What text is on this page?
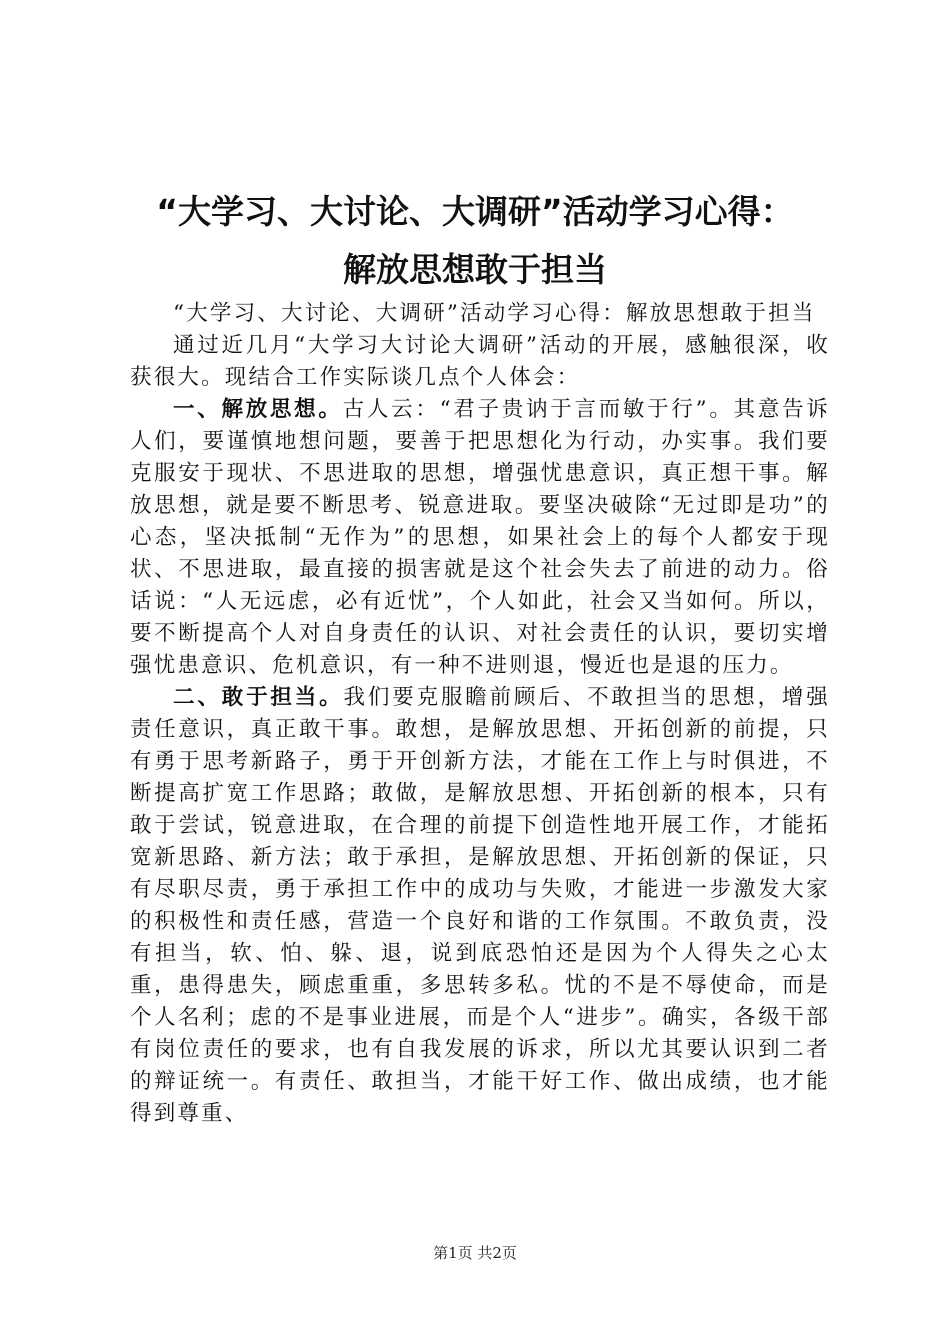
“大学习、大讨论、大调研”活动学习心得：
解放思想敢于担当

“大学习、大讨论、大调研”活动学习心得：解放思想敢于担当

通过近几月“大学习大讨论大调研”活动的开展，感触很深，收获很大。现结合工作实际谈几点个人体会：

一、解放思想。古人云：“君子贵讷于言而敏于行”。其意告诉人们，要谨慎地想问题，要善于把思想化为行动，办实事。我们要克服安于现状、不思进取的思想，增强忧患意识，真正想干事。解放思想，就是要不断思考、锐意进取。要坚决破除“无过即是功”的心态，坚决抵制“无作为”的思想，如果社会上的每个人都安于现状、不思进取，最直接的损害就是这个社会失去了前进的动力。俗话说：“人无远虑，必有近忧”，个人如此，社会又当如何。所以，要不断提高个人对自身责任的认识、对社会责任的认识，要切实增强忧患意识、危机意识，有一种不进则退，慢近也是退的压力。

二、敢于担当。我们要克服瞻前顾后、不敢担当的思想，增强责任意识，真正敢干事。敢想，是解放思想、开拓创新的前提，只有勇于思考新路子，勇于开创新方法，才能在工作上与时俱进，不断提高扩宽工作思路；敢做，是解放思想、开拓创新的根本，只有敢于尝试，锐意进取，在合理的前提下创造性地开展工作，才能拓宽新思路、新方法；敢于承担，是解放思想、开拓创新的保证，只有尽职尽责，勇于承担工作中的成功与失败，才能进一步激发大家的积极性和责任感，营造一个良好和谐的工作氛围。不敢负责，没有担当，软、怕、躲、退，说到底恐怕还是因为个人得失之心太重，患得患失，顾虑重重，多思转多私。忧的不是不辱使命，而是个人名利；虑的不是事业进展，而是个人“进步”。确实，各级干部有岗位责任的要求，也有自我发展的诉求，所以尤其要认识到二者的辩证统一。有责任、敢担当，才能干好工作、做出成绩，也才能得到尊重、

第1页 共2页
